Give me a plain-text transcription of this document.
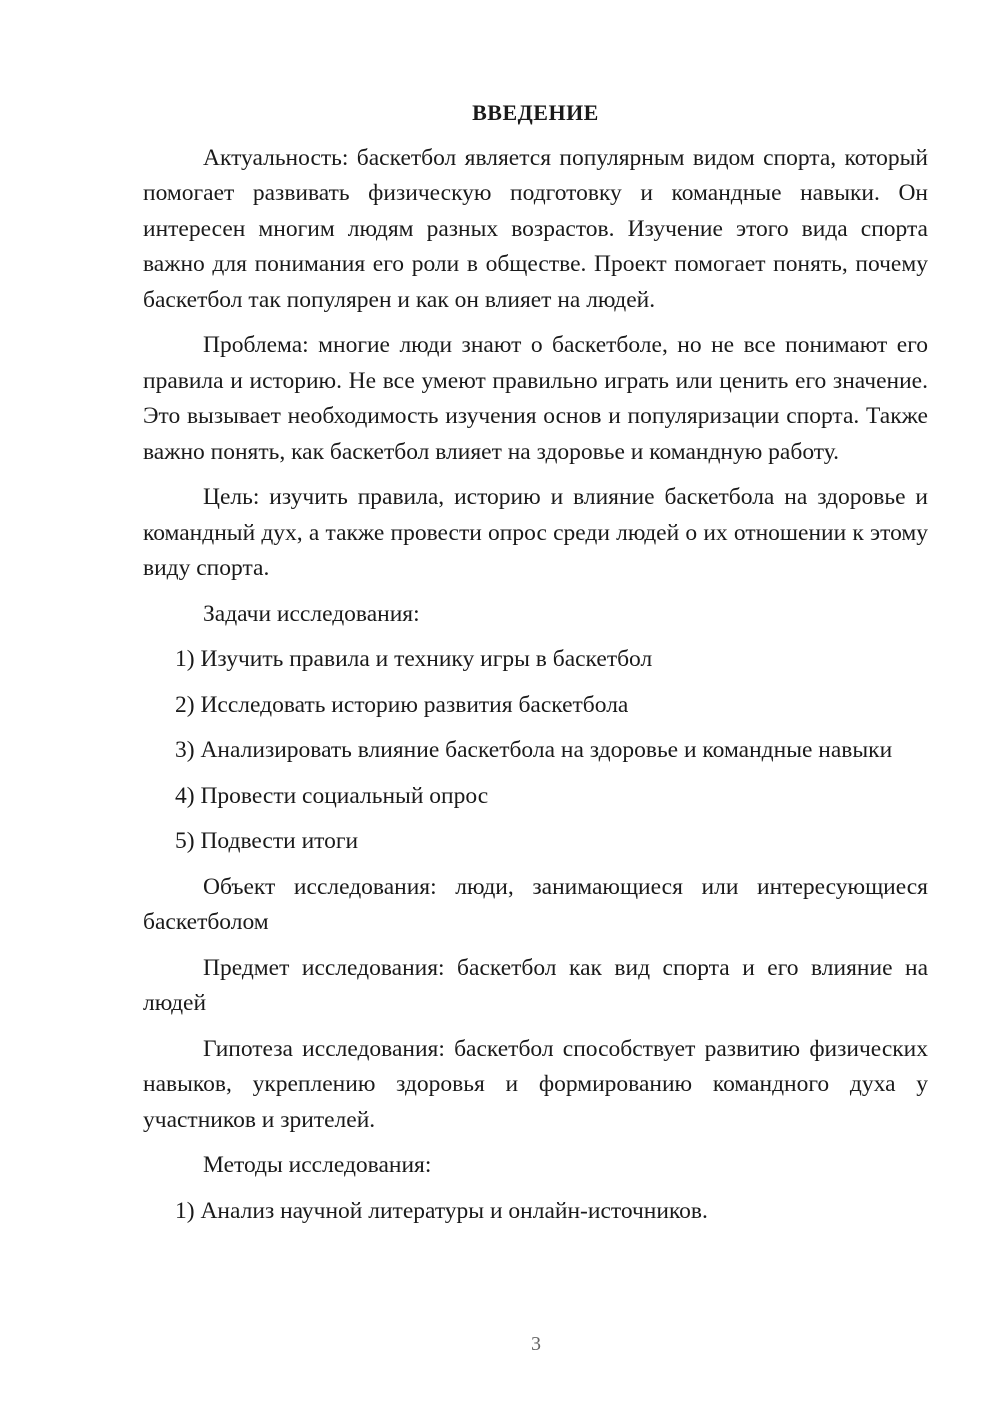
ВВЕДЕНИЕ

Актуальность: баскетбол является популярным видом спорта, который помогает развивать физическую подготовку и командные навыки. Он интересен многим людям разных возрастов. Изучение этого вида спорта важно для понимания его роли в обществе. Проект помогает понять, почему баскетбол так популярен и как он влияет на людей.

Проблема: многие люди знают о баскетболе, но не все понимают его правила и историю. Не все умеют правильно играть или ценить его значение. Это вызывает необходимость изучения основ и популяризации спорта. Также важно понять, как баскетбол влияет на здоровье и командную работу.

Цель: изучить правила, историю и влияние баскетбола на здоровье и командный дух, а также провести опрос среди людей о их отношении к этому виду спорта.

Задачи исследования:

1) Изучить правила и технику игры в баскетбол

2) Исследовать историю развития баскетбола

3) Анализировать влияние баскетбола на здоровье и командные навыки

4) Провести социальный опрос

5) Подвести итоги

Объект исследования: люди, занимающиеся или интересующиеся баскетболом

Предмет исследования: баскетбол как вид спорта и его влияние на людей

Гипотеза исследования: баскетбол способствует развитию физических навыков, укреплению здоровья и формированию командного духа у участников и зрителей.

Методы исследования:

1) Анализ научной литературы и онлайн-источников.

3
